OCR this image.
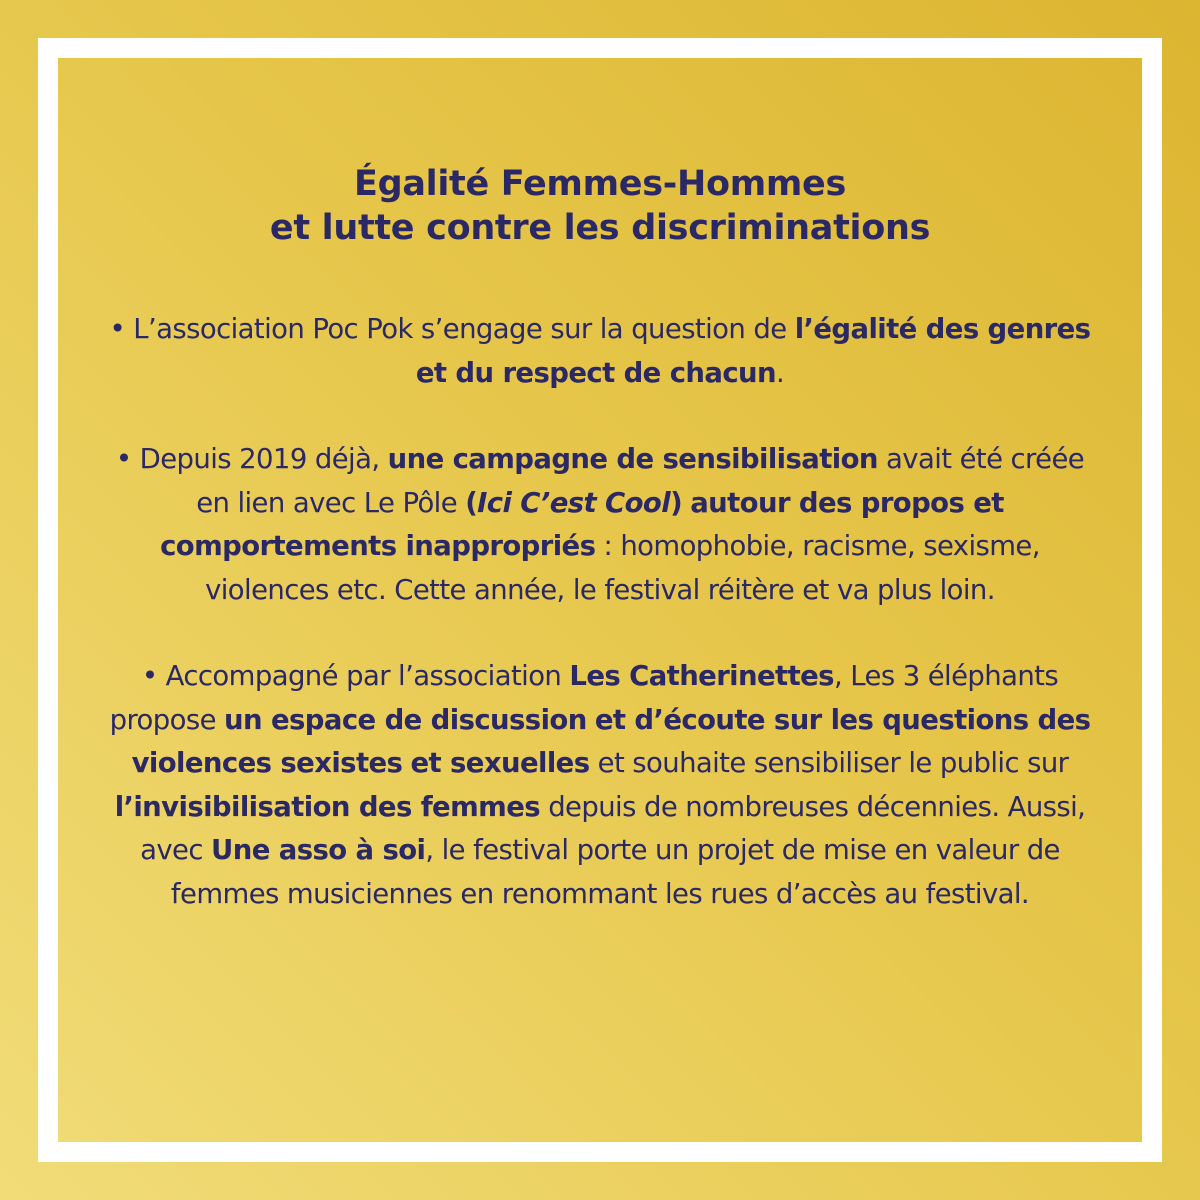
Égalité Femmes-Hommes
et lutte contre les discriminations

• L’association Poc Pok s’engage sur la question de l’égalité des genres et du respect de chacun.

• Depuis 2019 déjà, une campagne de sensibilisation avait été créée en lien avec Le Pôle (Ici C’est Cool) autour des propos et comportements inappropriés : homophobie, racisme, sexisme, violences etc. Cette année, le festival réitère et va plus loin.

• Accompagné par l’association Les Catherinettes, Les 3 éléphants propose un espace de discussion et d’écoute sur les questions des violences sexistes et sexuelles et souhaite sensibiliser le public sur l’invisibilisation des femmes depuis de nombreuses décennies. Aussi, avec Une asso à soi, le festival porte un projet de mise en valeur de femmes musiciennes en renommant les rues d’accès au festival.
